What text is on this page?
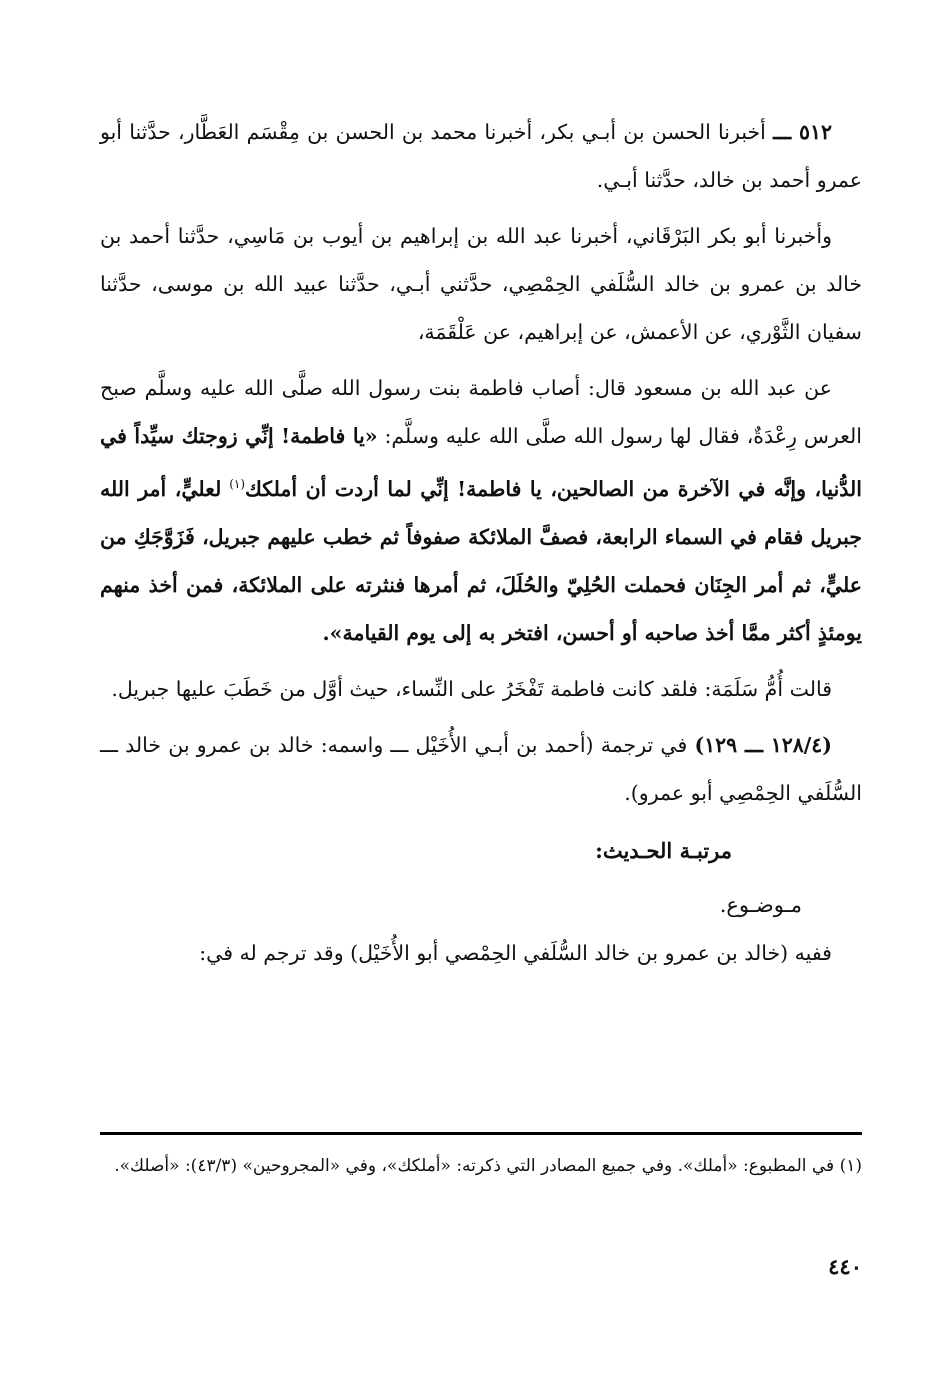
٥١٢ ـــ أخبرنا الحسن بن أبـي بكر، أخبرنا محمد بن الحسن بن مِقْسَم العَطَّار، حدَّثنا أبو عمرو أحمد بن خالد، حدَّثنا أبـي.

وأخبرنا أبو بكر البَرْقَاني، أخبرنا عبد الله بن إبراهيم بن أيوب بن مَاسِي، حدَّثنا أحمد بن خالد بن عمرو بن خالد السُّلَفي الحِمْصِي، حدَّثني أبـي، حدَّثنا عبيد الله بن موسى، حدَّثنا سفيان الثَّوْري، عن الأعمش، عن إبراهيم، عن عَلْقَمَة،

عن عبد الله بن مسعود قال: أصاب فاطمة بنت رسول الله صلَّى الله عليه وسلَّم صبح العرس رِعْدَةٌ، فقال لها رسول الله صلَّى الله عليه وسلَّم: «يا فاطمة! إنِّي زوجتك سيِّداً في الدُّنيا، وإنَّه في الآخرة من الصالحين، يا فاطمة! إنِّي لما أردت أن أملكك$^{(١)}$ لعليٍّ، أمر الله جبريل فقام في السماء الرابعة، فصفَّ الملائكة صفوفاً ثم خطب عليهم جبريل، فَزَوَّجَكِ من عليٍّ، ثم أمر الجِنَان فحملت الحُلِيّ والحُلَلَ، ثم أمرها فنثرته على الملائكة، فمن أخذ منهم يومئذٍ أكثر ممَّا أخذ صاحبه أو أحسن، افتخر به إلى يوم القيامة».

قالت أُمُّ سَلَمَة: فلقد كانت فاطمة تَفْخَرُ على النِّساء، حيث أوَّل من خَطَبَ عليها جبريل.

(١٢٨/٤ ـــ ١٢٩) في ترجمة (أحمد بن أبـي الأُخَيْل ـــ واسمه: خالد بن عمرو بن خالد ـــ السُّلَفي الحِمْصِي أبو عمرو).

مرتبـة الحـديث:
مـوضـوع.

ففيه (خالد بن عمرو بن خالد السُّلَفي الحِمْصي أبو الأُخَيْل) وقد ترجم له في:

(١) في المطبوع: «أملك». وفي جميع المصادر التي ذكرته: «أملكك»، وفي «المجروحين» (٤٣/٣): «أصلك».
٤٤٠
